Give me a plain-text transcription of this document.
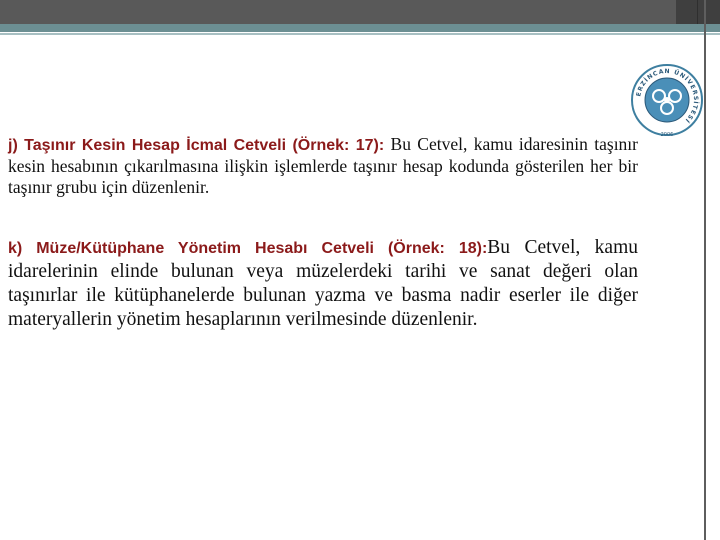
ERZİNCAN ÜNİVERSİTESİ
2006

j) Taşınır Kesin Hesap İcmal Cetveli (Örnek: 17): Bu Cetvel, kamu idaresinin taşınır kesin hesabının çıkarılmasına ilişkin işlemlerde taşınır hesap kodunda gösterilen her bir taşınır grubu için düzenlenir.

k) Müze/Kütüphane Yönetim Hesabı Cetveli (Örnek: 18):Bu Cetvel, kamu idarelerinin elinde bulunan veya müzelerdeki tarihi ve sanat değeri olan taşınırlar ile kütüphanelerde bulunan yazma ve basma nadir eserler ile diğer materyallerin yönetim hesaplarının verilmesinde düzenlenir.
